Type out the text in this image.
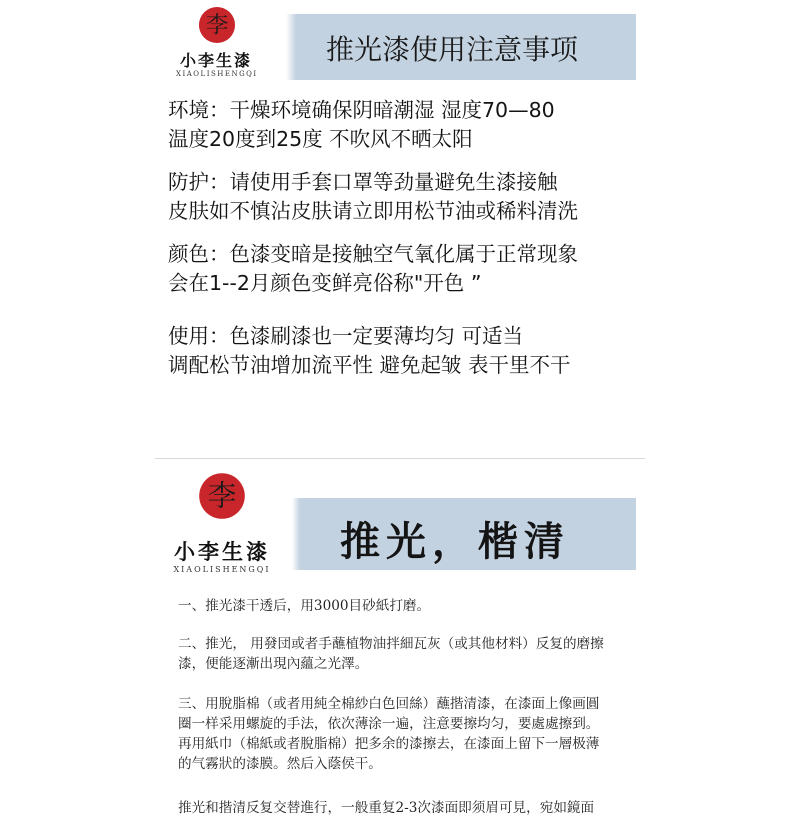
李
小李生漆
XIAOLISHENGQI
推光漆使用注意事项

环境：干燥环境确保阴暗潮湿 湿度70—80

温度20度到25度 不吹风不晒太阳

防护：请使用手套口罩等劲量避免生漆接触

皮肤如不慎沾皮肤请立即用松节油或稀料清洗

颜色：色漆变暗是接触空气氧化属于正常现象

会在1--2月颜色变鲜亮俗称"开色 ”

使用：色漆刷漆也一定要薄均匀 可适当

调配松节油增加流平性 避免起皱 表干里不干

李
小李生漆
XIAOLISHENGQI
推光，楷清

一、推光漆干透后，用3000目砂紙打磨。

二、推光， 用發団或者手蘸植物油拌細瓦灰（或其他材料）反复的磨擦

漆，便能逐漸出現內蘊之光澤。

三、用脫脂棉（或者用純全棉紗白色回絲）蘸揩清漆，在漆面上像画圓

圈一样采用螺旋的手法，依次薄涂一遍，注意要擦均匀，要處處擦到。

再用紙巾（棉紙或者脫脂棉）把多余的漆擦去，在漆面上留下一層极薄

的气霧狀的漆膜。然后入蔭侯干。

推光和揩清反复交替進行，一般重复2-3次漆面即须眉可見，宛如鏡面
